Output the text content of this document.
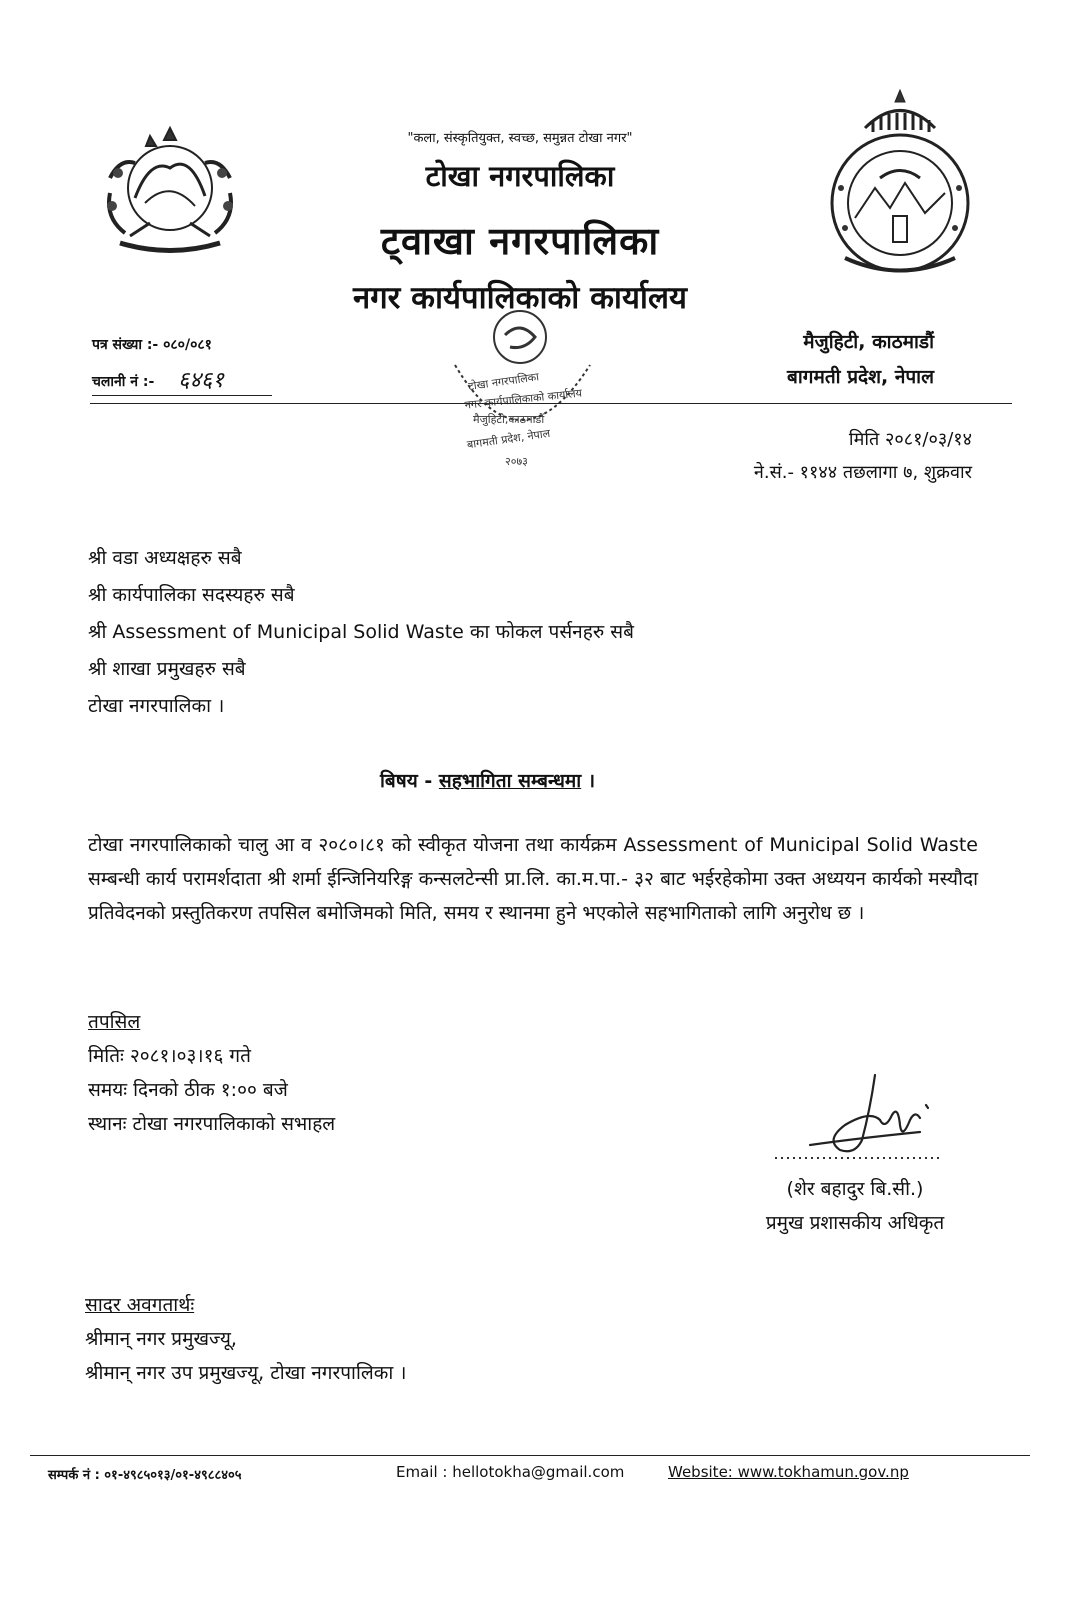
"कला, संस्कृतियुक्त, स्वच्छ, समुन्नत टोखा नगर"
टोखा नगरपालिका
ट्वाखा नगरपालिका
नगर कार्यपालिकाको कार्यालय
पत्र संख्या :- ०८०/०८१
चलानी नं :- ६४६१	टोखा नगरपालिका
नगर कार्यपालिकाको कार्यालय
मैजुहिटी,काठमाडौं
बागमती प्रदेश, नेपाल
२०७३
मैजुहिटी, काठमाडौं
बागमती प्रदेश, नेपाल
मिति २०८१/०३/१४
ने.सं.- ११४४ तछलागा ७, शुक्रवार
श्री वडा अध्यक्षहरु सबै
श्री कार्यपालिका सदस्यहरु सबै
श्री Assessment of Municipal Solid Waste का फोकल पर्सनहरु सबै
श्री शाखा प्रमुखहरु सबै
टोखा नगरपालिका ।
बिषय - सहभागिता सम्बन्धमा ।
टोखा नगरपालिकाको चालु आ व २०८०।८१ को स्वीकृत योजना तथा कार्यक्रम Assessment of Municipal Solid Waste सम्बन्धी कार्य परामर्शदाता श्री शर्मा ईन्जिनियरिङ्ग कन्सलटेन्सी प्रा.लि. का.म.पा.- ३२ बाट भईरहेकोमा उक्त अध्ययन कार्यको मस्यौदा प्रतिवेदनको प्रस्तुतिकरण तपसिल बमोजिमको मिति, समय र स्थानमा हुने भएकोले सहभागिताको लागि अनुरोध छ ।
तपसिल
मितिः २०८१।०३।१६ गते
समयः दिनको ठीक १:०० बजे
स्थानः टोखा नगरपालिकाको सभाहल
(शेर बहादुर बि.सी.)
प्रमुख प्रशासकीय अधिकृत
सादर अवगतार्थः
श्रीमान् नगर प्रमुखज्यू,
श्रीमान् नगर उप प्रमुखज्यू, टोखा नगरपालिका ।
सम्पर्क नं : ०१-४९८५०१३/०१-४९८८४०५	Email : hellotokha@gmail.com	Website: www.tokhamun.gov.np
